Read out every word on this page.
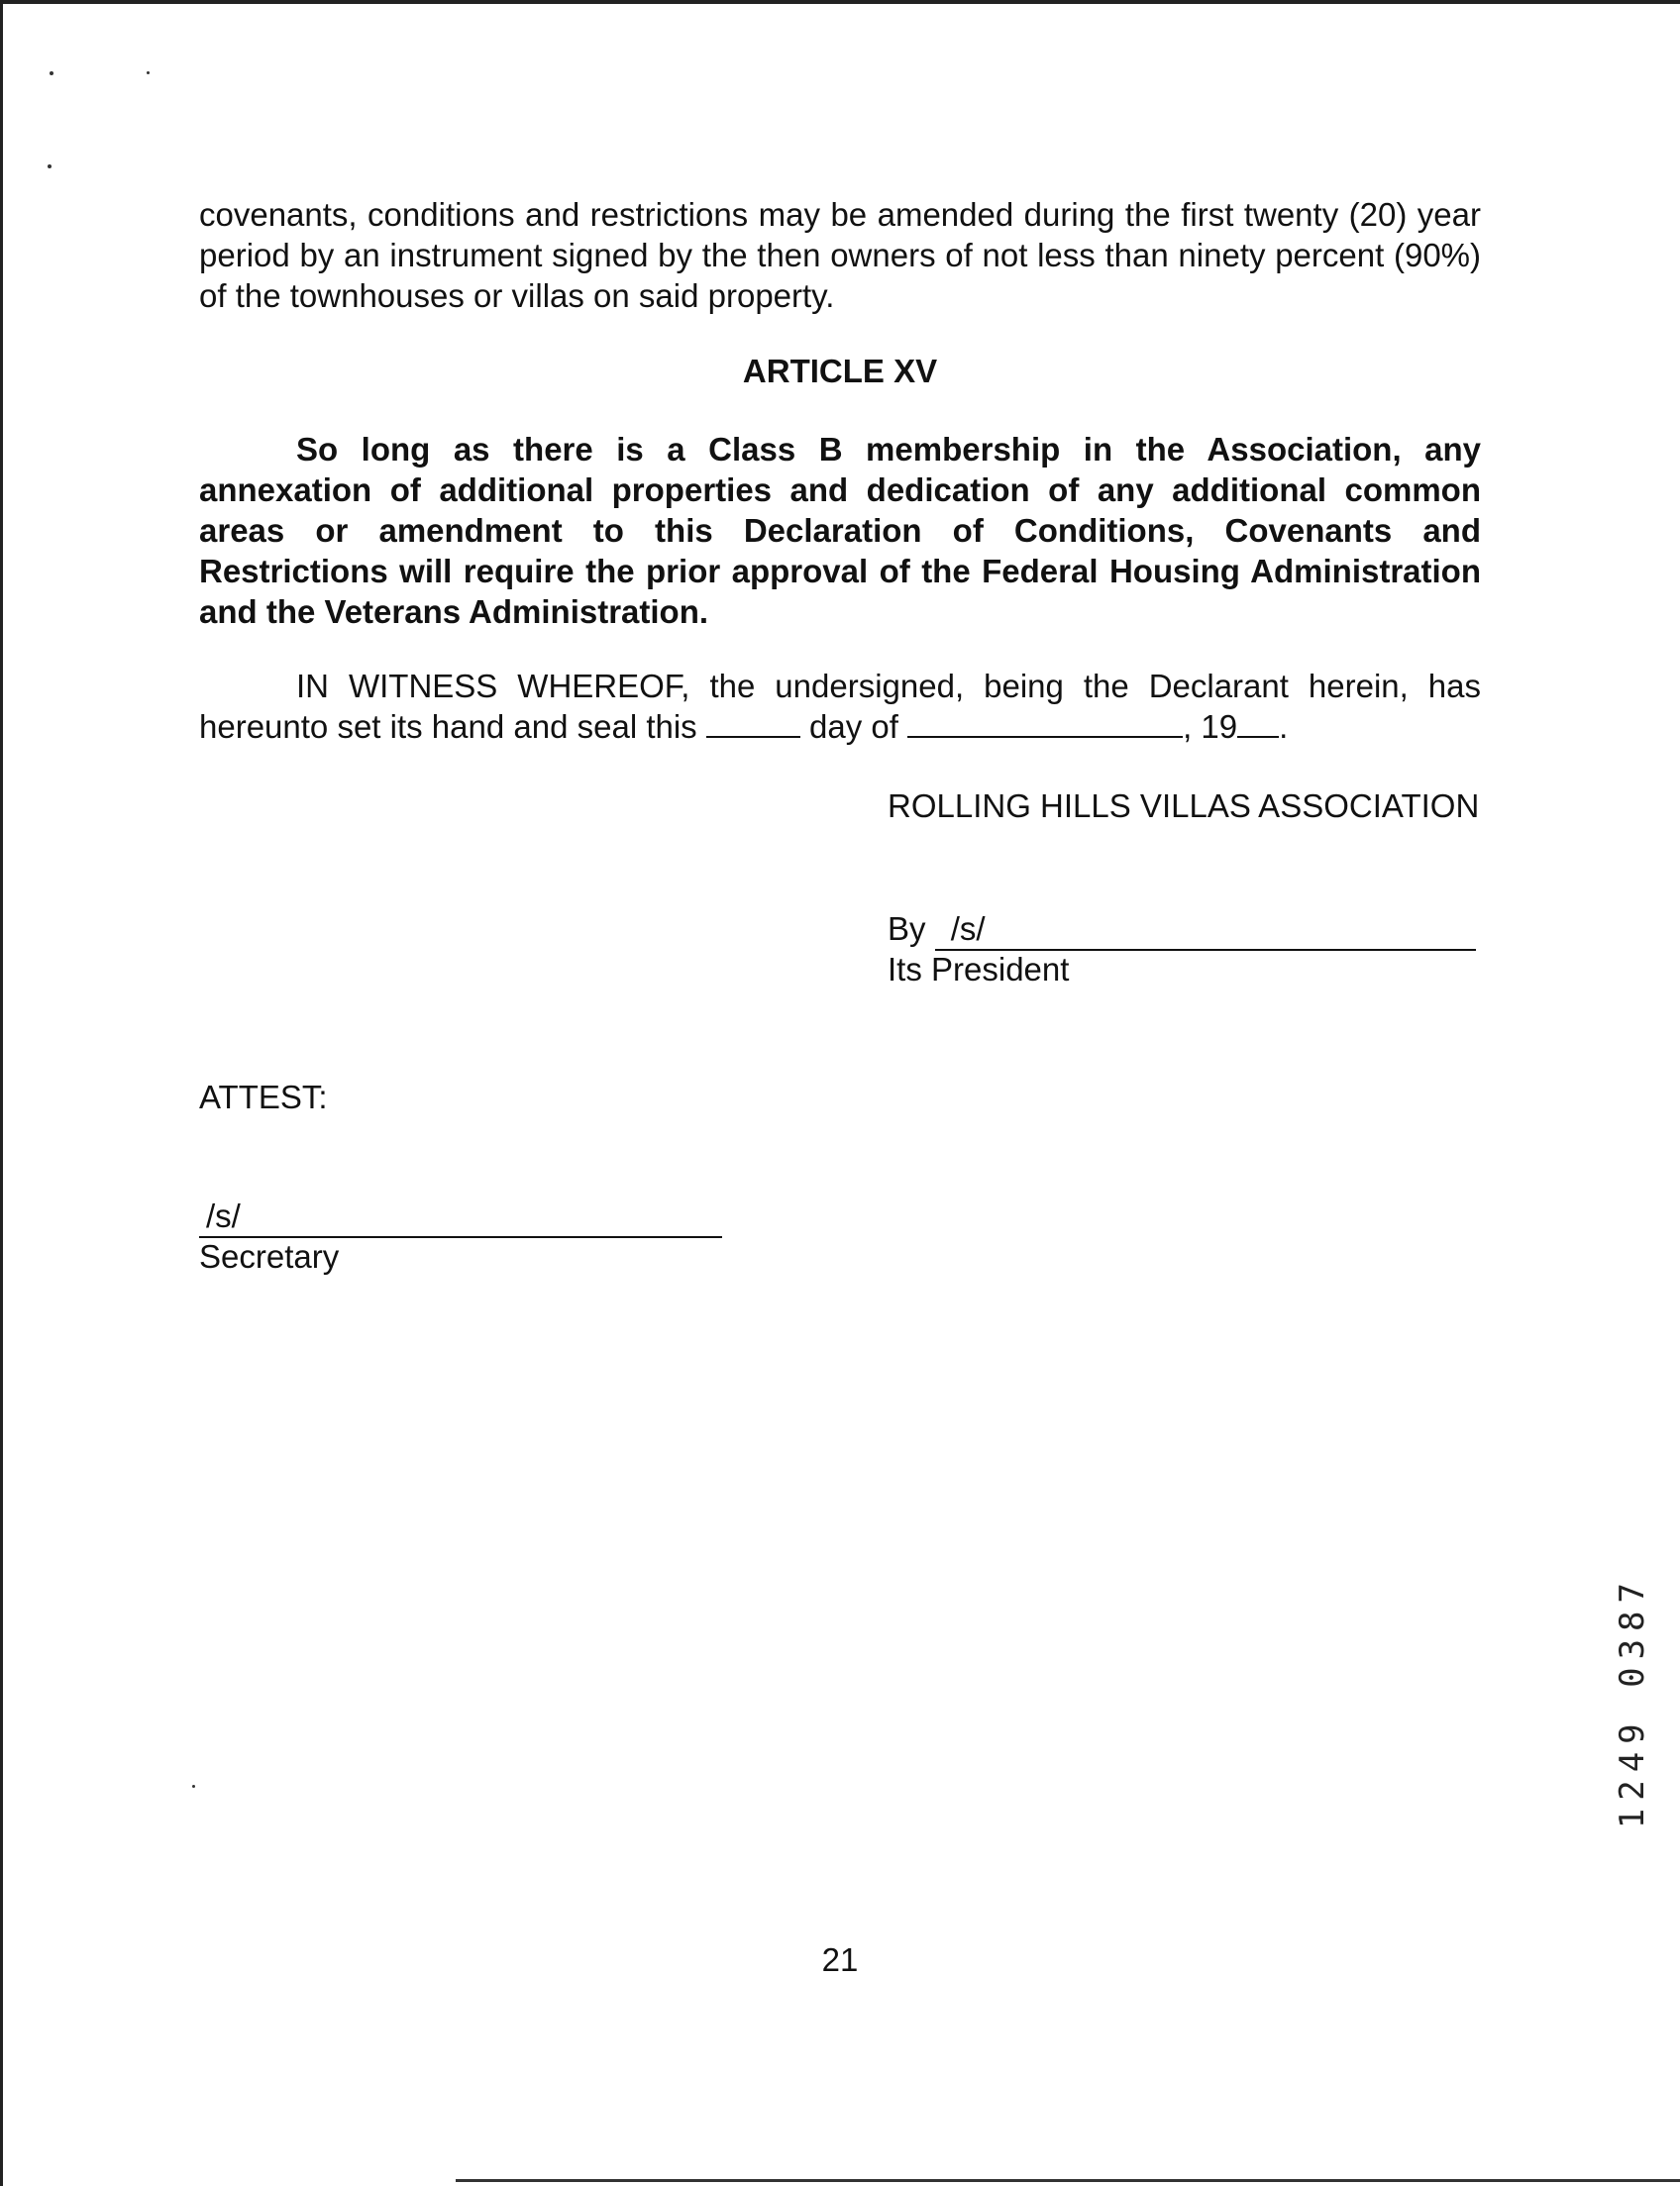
covenants, conditions and restrictions may be amended during the first twenty (20) year period by an instrument signed by the then owners of not less than ninety percent (90%) of the townhouses or villas on said property.

ARTICLE XV

So long as there is a Class B membership in the Association, any annexation of additional properties and dedication of any additional common areas or amendment to this Declaration of Conditions, Covenants and Restrictions will require the prior approval of the Federal Housing Administration and the Veterans Administration.

IN WITNESS WHEREOF, the undersigned, being the Declarant herein, has hereunto set its hand and seal this	day of	, 19 .

ROLLING HILLS VILLAS ASSOCIATION
By /s/
Its President
ATTEST:
/s/
Secretary
21
1249 0387
